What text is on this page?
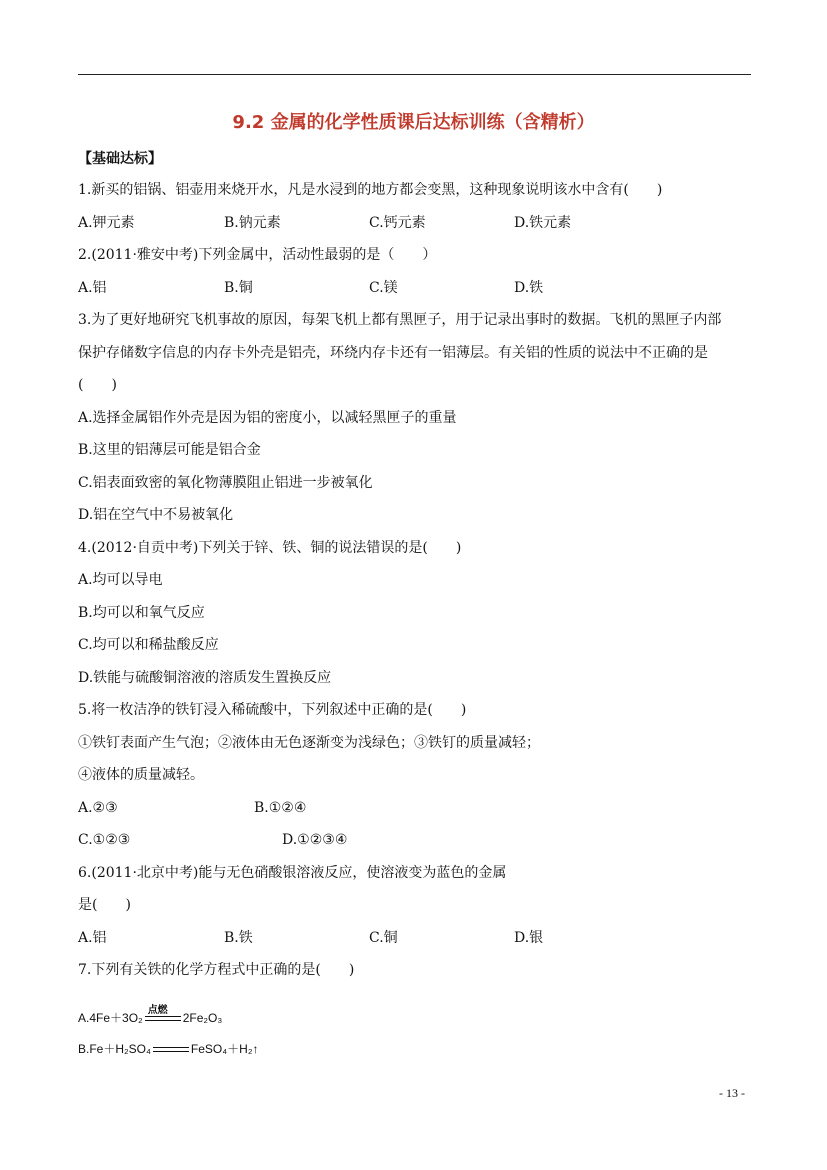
9.2 金属的化学性质课后达标训练（含精析）
【基础达标】
1.新买的铝锅、铝壶用来烧开水，凡是水浸到的地方都会变黑，这种现象说明该水中含有(　　)
A.钾元素	B.钠元素	C.钙元素	D.铁元素
2.(2011·雅安中考)下列金属中，活动性最弱的是（　　）
A.铝	B.铜	C.镁	D.铁
3.为了更好地研究飞机事故的原因，每架飞机上都有黑匣子，用于记录出事时的数据。飞机的黑匣子内部
保护存储数字信息的内存卡外壳是铝壳，环绕内存卡还有一铝薄层。有关铝的性质的说法中不正确的是
(　　)
A.选择金属铝作外壳是因为铝的密度小，以减轻黑匣子的重量
B.这里的铝薄层可能是铝合金
C.铝表面致密的氧化物薄膜阻止铝进一步被氧化
D.铝在空气中不易被氧化
4.(2012·自贡中考)下列关于锌、铁、铜的说法错误的是(　　)
A.均可以导电
B.均可以和氧气反应
C.均可以和稀盐酸反应
D.铁能与硫酸铜溶液的溶质发生置换反应
5.将一枚洁净的铁钉浸入稀硫酸中，下列叙述中正确的是(　　)
①铁钉表面产生气泡；②液体由无色逐渐变为浅绿色；③铁钉的质量减轻；
④液体的质量减轻。
A.②③	B.①②④
C.①②③	D.①②③④
6.(2011·北京中考)能与无色硝酸银溶液反应，使溶液变为蓝色的金属
是(　　)
A.铝	B.铁	C.铜	D.银
7.下列有关铁的化学方程式中正确的是(　　)
A.4Fe＋3O₂
点燃
2Fe₂O₃
B.Fe＋H₂SO₄	FeSO₄＋H₂↑
- 13 -
